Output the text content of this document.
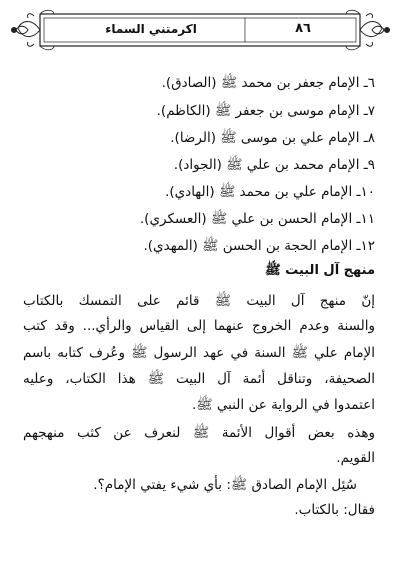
اكرمتني السماء	٨٦
٦ـ الإمام جعفر بن محمد ﷺ (الصادق).
٧ـ الإمام موسى بن جعفر ﷺ (الكاظم).
٨ـ الإمام علي بن موسى ﷺ (الرضا).
٩ـ الإمام محمد بن علي ﷺ (الجواد).
١٠ـ الإمام علي بن محمد ﷺ (الهادي).
١١ـ الإمام الحسن بن علي ﷺ (العسكري).
١٢ـ الإمام الحجة بن الحسن ﷺ (المهدي).
منهج آل البيت ﷺ
إنّ منهج آل البيت ﷺ قائم على التمسك بالكتاب
والسنة وعدم الخروج عنهما إلى القياس والرأي... وقد كتب
الإمام علي ﷺ السنة في عهد الرسول ﷺ وعُرف كتابه باسم
الصحيفة، وتناقل أئمة آل البيت ﷺ هذا الكتاب، وعليه
اعتمدوا في الرواية عن النبي ﷺ.
وهذه بعض أقوال الأئمة ﷺ لنعرف عن كثب منهجهم
القويم.
سُئِل الإمام الصادق ﷺ: بأي شيء يفتي الإمام؟.
فقال: بالكتاب.
